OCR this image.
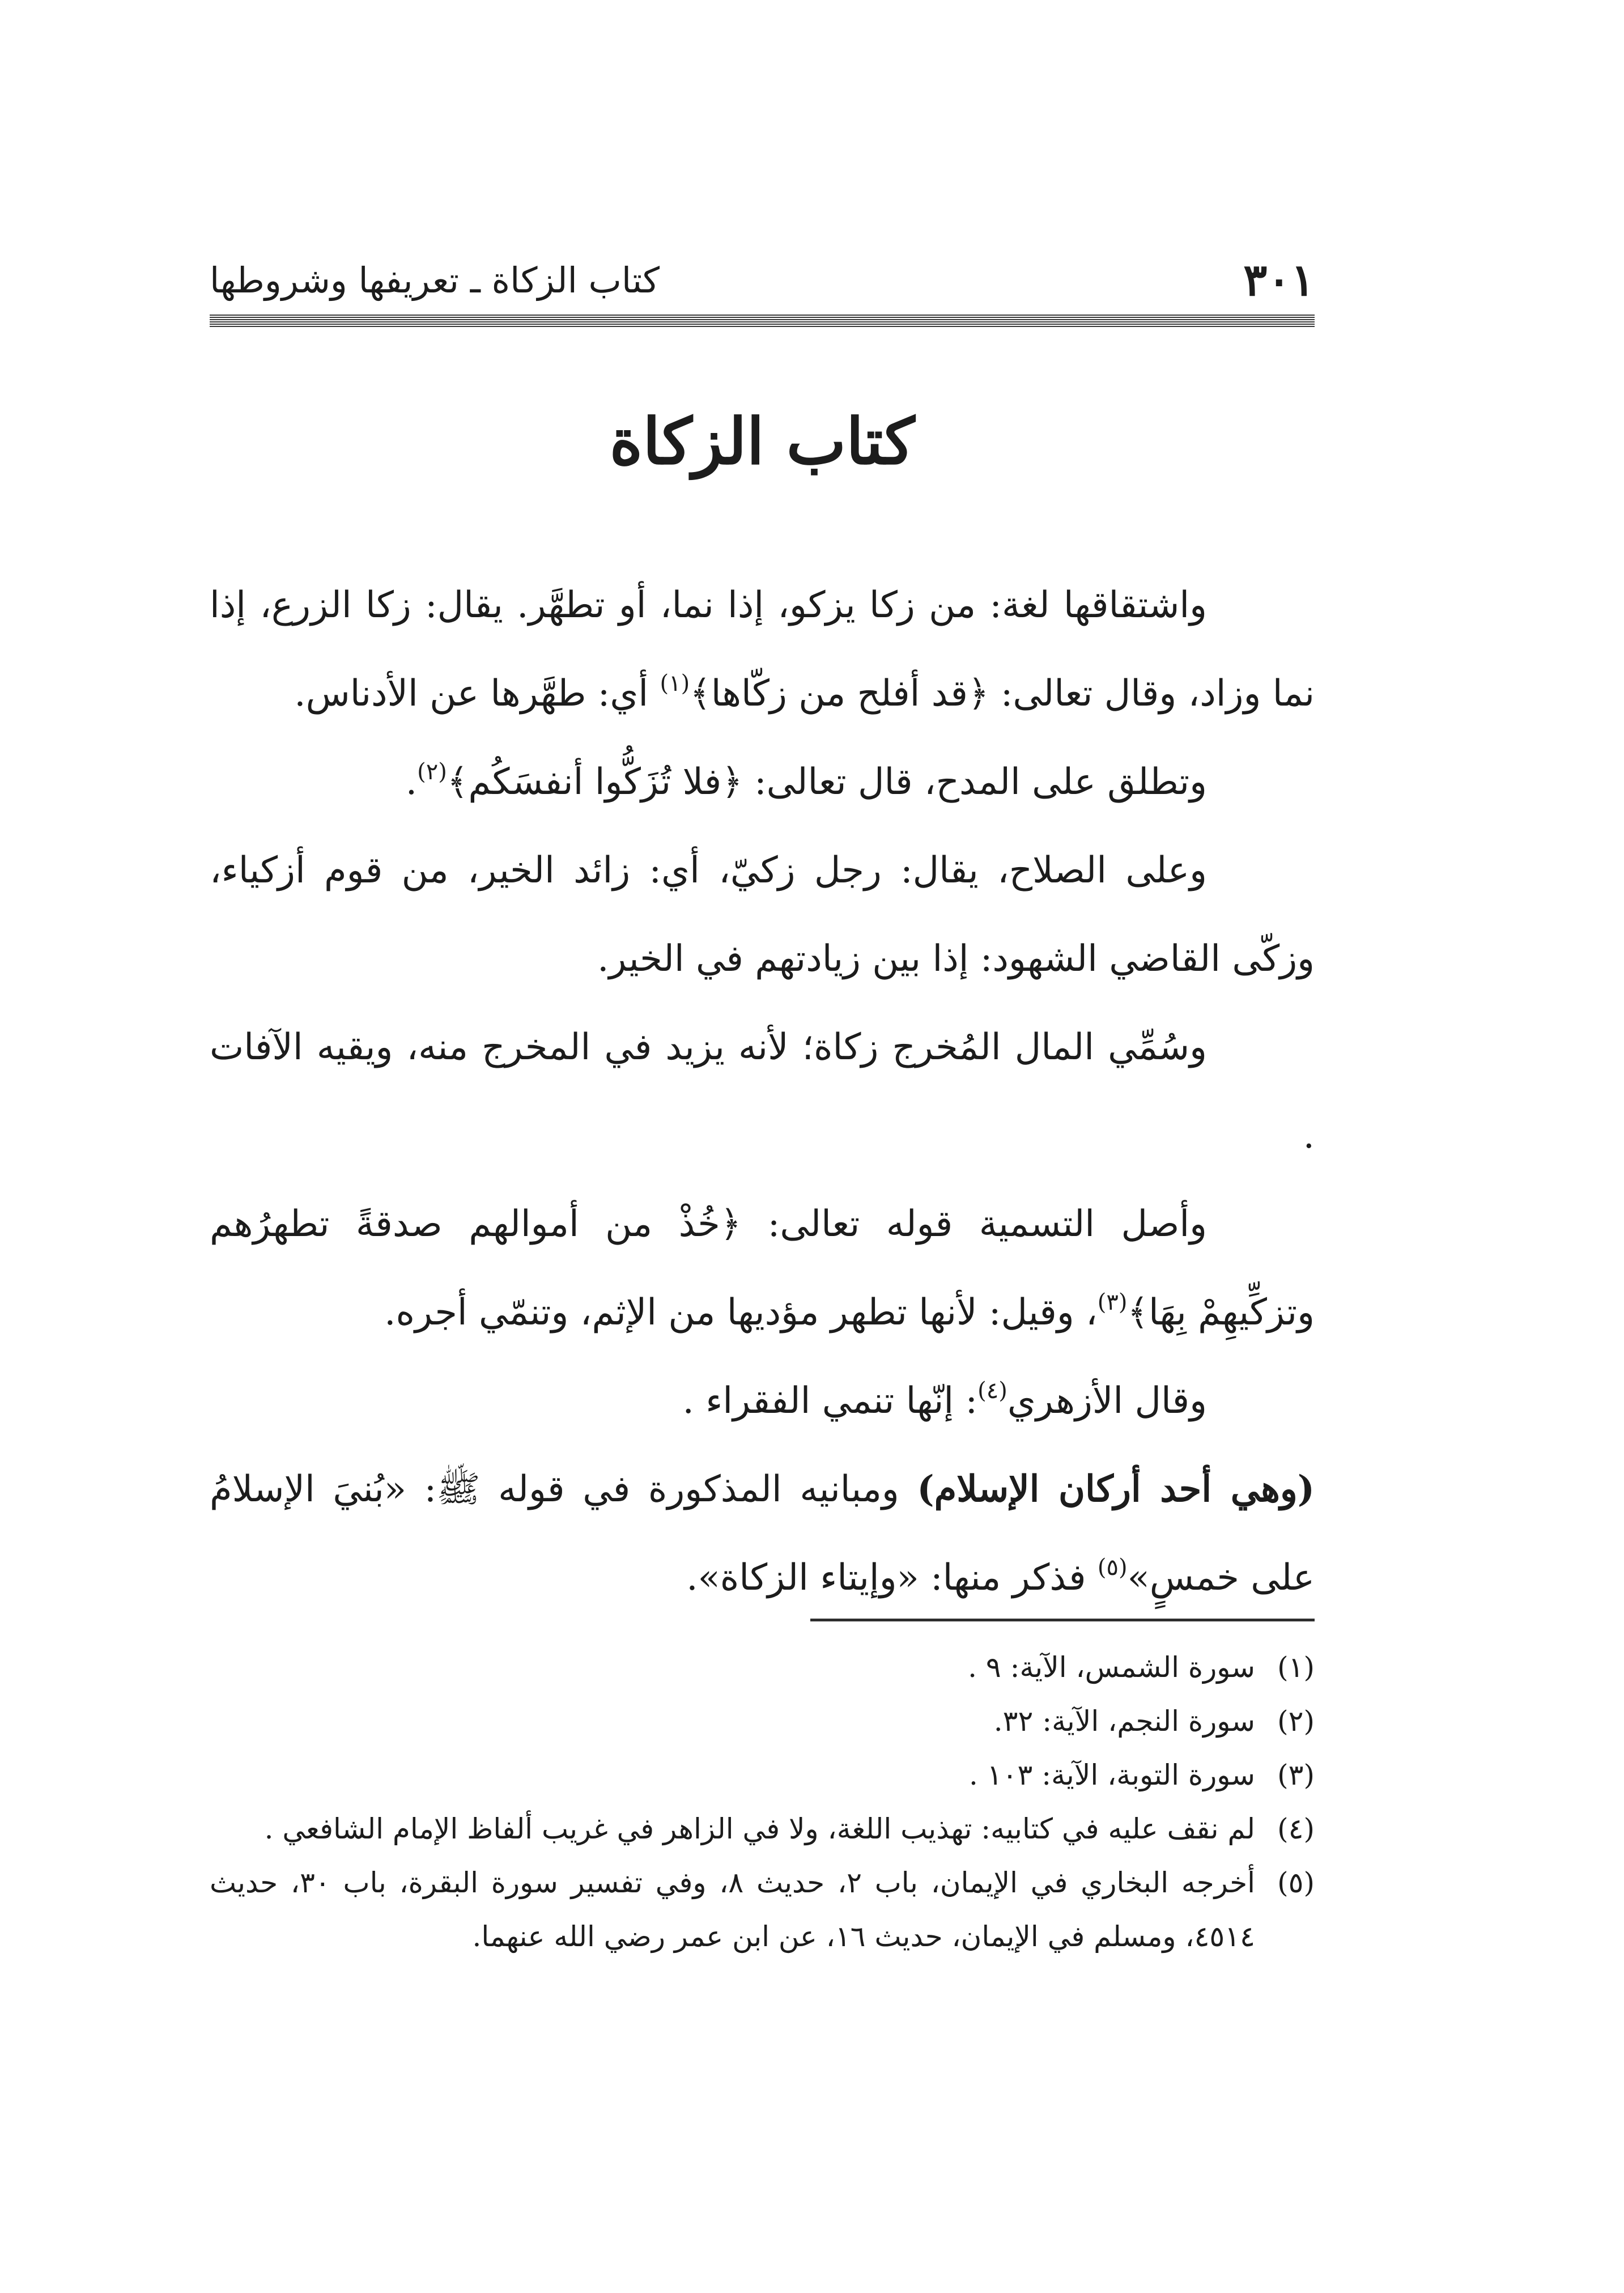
كتاب الزكاة ـ تعريفها وشروطها	٣٠١
كتاب الزكاة

واشتقاقها لغة: من زكا يزكو، إذا نما، أو تطهَّر. يقال: زكا الزرع، إذا نما وزاد، وقال تعالى: ﴿قد أفلح من زكّاها﴾$^{(١)}$ أي: طهَّرها عن الأدناس.

وتطلق على المدح، قال تعالى: ﴿فلا تُزَكُّوا أنفسَكُم﴾$^{(٢)}$.

وعلى الصلاح، يقال: رجل زكيّ، أي: زائد الخير، من قوم أزكياء، وزكّى القاضي الشهود: إذا بين زيادتهم في الخير.

وسُمِّي المال المُخرج زكاة؛ لأنه يزيد في المخرج منه، ويقيه الآفات .

وأصل التسمية قوله تعالى: ﴿خُذْ من أموالهم صدقةً تطهرُهم وتزكِّيهِمْ بِهَا﴾$^{(٣)}$، وقيل: لأنها تطهر مؤديها من الإثم، وتنمّي أجره.

وقال الأزهري$^{(٤)}$: إنّها تنمي الفقراء .

(وهي أحد أركان الإسلام) ومبانيه المذكورة في قوله ﷺ: «بُنيَ الإسلامُ على خمسٍ»$^{(٥)}$ فذكر منها: «وإيتاء الزكاة».

(١)
سورة الشمس، الآية: ٩ .
(٢)
سورة النجم، الآية: ٣٢.
(٣)
سورة التوبة، الآية: ١٠٣ .
(٤)
لم نقف عليه في كتابيه: تهذيب اللغة، ولا في الزاهر في غريب ألفاظ الإمام الشافعي .
(٥)
أخرجه البخاري في الإيمان، باب ٢، حديث ٨، وفي تفسير سورة البقرة، باب ٣٠، حديث ٤٥١٤، ومسلم في الإيمان، حديث ١٦، عن ابن عمر رضي الله عنهما.
